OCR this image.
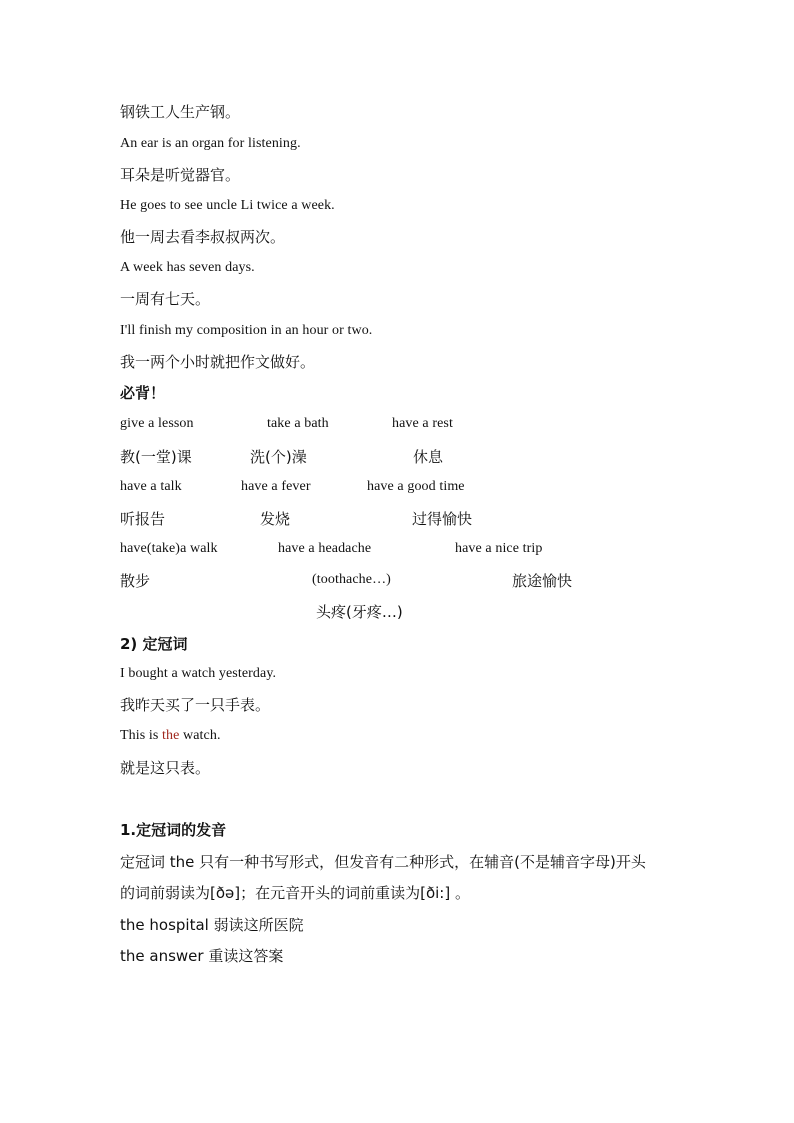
钢铁工人生产钢。
An ear is an organ for listening.
耳朵是听觉器官。
He goes to see uncle Li twice a week.
他一周去看李叔叔两次。
A week has seven days.
一周有七天。
I'll finish my composition in an hour or two.
我一两个小时就把作文做好。
必背！
give a lesson	take a bath	have a rest
教(一堂)课	洗(个)澡	休息
have a talk	have a fever	have a good time
听报告	发烧	过得愉快
have(take)a walk	have a headache	have a nice trip
散步	(toothache…)	旅途愉快
头疼(牙疼…)
2) 定冠词
I bought a watch yesterday.
我昨天买了一只手表。
This is the watch.
就是这只表。
1.定冠词的发音
定冠词 the 只有一种书写形式，但发音有二种形式，在辅音(不是辅音字母)开头
的词前弱读为[ðə]；在元音开头的词前重读为[ði:] 。
the hospital 弱读这所医院
the answer 重读这答案
